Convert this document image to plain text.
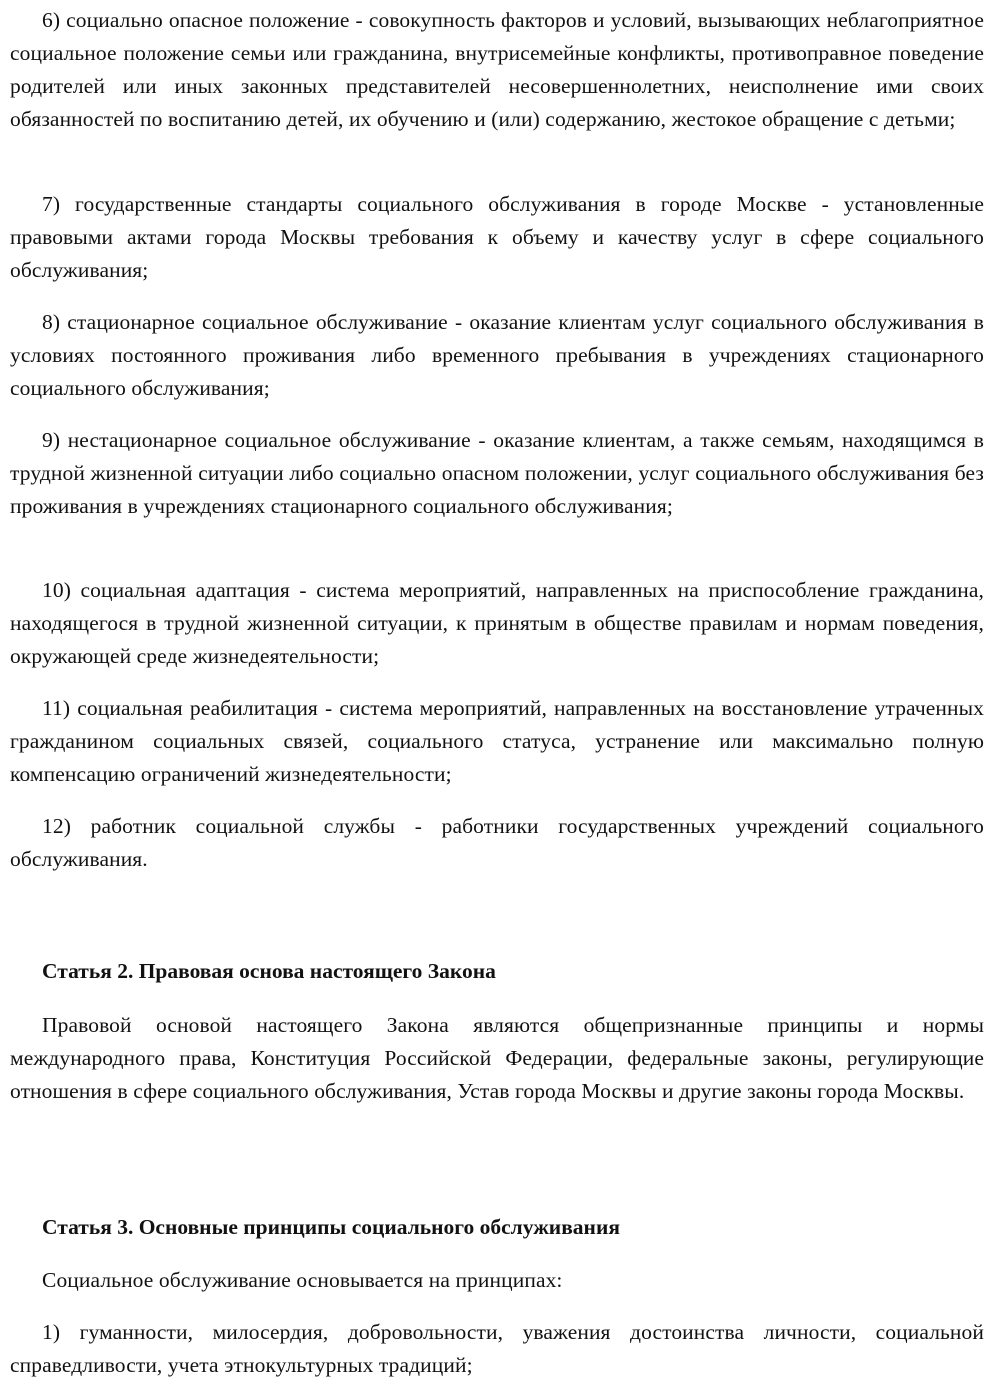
6) социально опасное положение - совокупность факторов и условий, вызывающих неблагоприятное социальное положение семьи или гражданина, внутрисемейные конфликты, противоправное поведение родителей или иных законных представителей несовершеннолетних, неисполнение ими своих обязанностей по воспитанию детей, их обучению и (или) содержанию, жестокое обращение с детьми;

7) государственные стандарты социального обслуживания в городе Москве - установленные правовыми актами города Москвы требования к объему и качеству услуг в сфере социального обслуживания;

8) стационарное социальное обслуживание - оказание клиентам услуг социального обслуживания в условиях постоянного проживания либо временного пребывания в учреждениях стационарного социального обслуживания;

9) нестационарное социальное обслуживание - оказание клиентам, а также семьям, находящимся в трудной жизненной ситуации либо социально опасном положении, услуг социального обслуживания без проживания в учреждениях стационарного социального обслуживания;

10) социальная адаптация - система мероприятий, направленных на приспособление гражданина, находящегося в трудной жизненной ситуации, к принятым в обществе правилам и нормам поведения, окружающей среде жизнедеятельности;

11) социальная реабилитация - система мероприятий, направленных на восстановление утраченных гражданином социальных связей, социального статуса, устранение или максимально полную компенсацию ограничений жизнедеятельности;

12) работник социальной службы - работники государственных учреждений социального обслуживания.

Статья 2. Правовая основа настоящего Закона

Правовой основой настоящего Закона являются общепризнанные принципы и нормы международного права, Конституция Российской Федерации, федеральные законы, регулирующие отношения в сфере социального обслуживания, Устав города Москвы и другие законы города Москвы.

Статья 3. Основные принципы социального обслуживания

Социальное обслуживание основывается на принципах:

1) гуманности, милосердия, добровольности, уважения достоинства личности, социальной справедливости, учета этнокультурных традиций;
